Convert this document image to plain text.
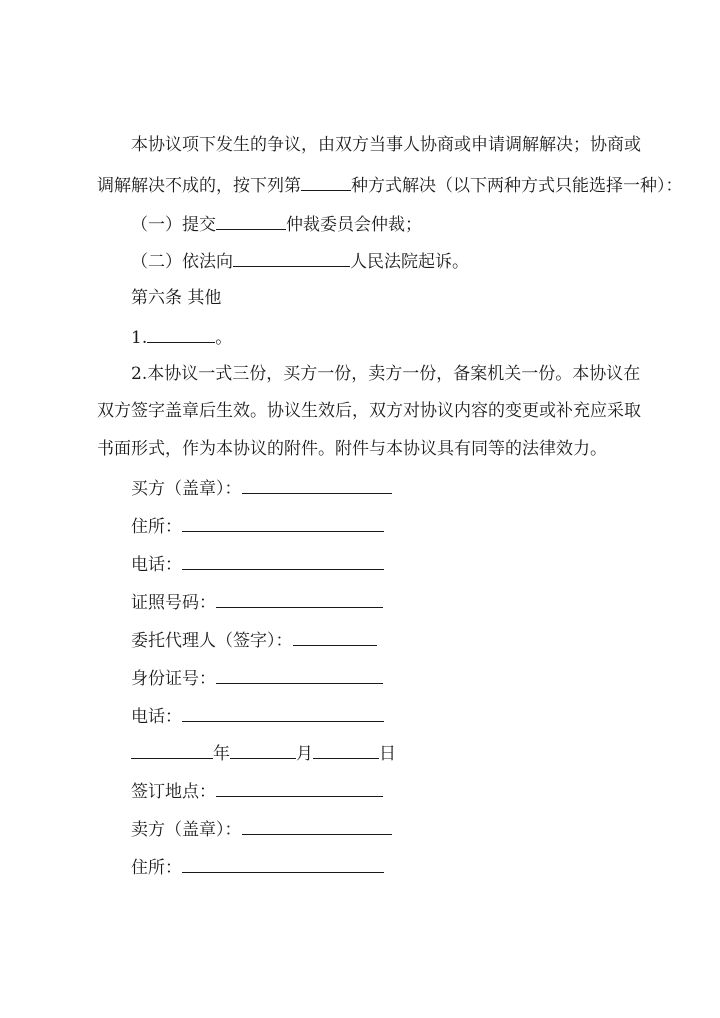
本协议项下发生的争议，由双方当事人协商或申请调解解决；协商或
调解解决不成的，按下列第	种方式解决（以下两种方式只能选择一种）：
（一）提交	仲裁委员会仲裁；
（二）依法向	人民法院起诉。
第六条 其他
1.	。
2.本协议一式三份，买方一份，卖方一份，备案机关一份。本协议在
双方签字盖章后生效。协议生效后，双方对协议内容的变更或补充应采取
书面形式，作为本协议的附件。附件与本协议具有同等的法律效力。
买方（盖章）：
住所：
电话：
证照号码：
委托代理人（签字）：
身份证号：
电话：
年	月	日
签订地点：
卖方（盖章）：
住所：
